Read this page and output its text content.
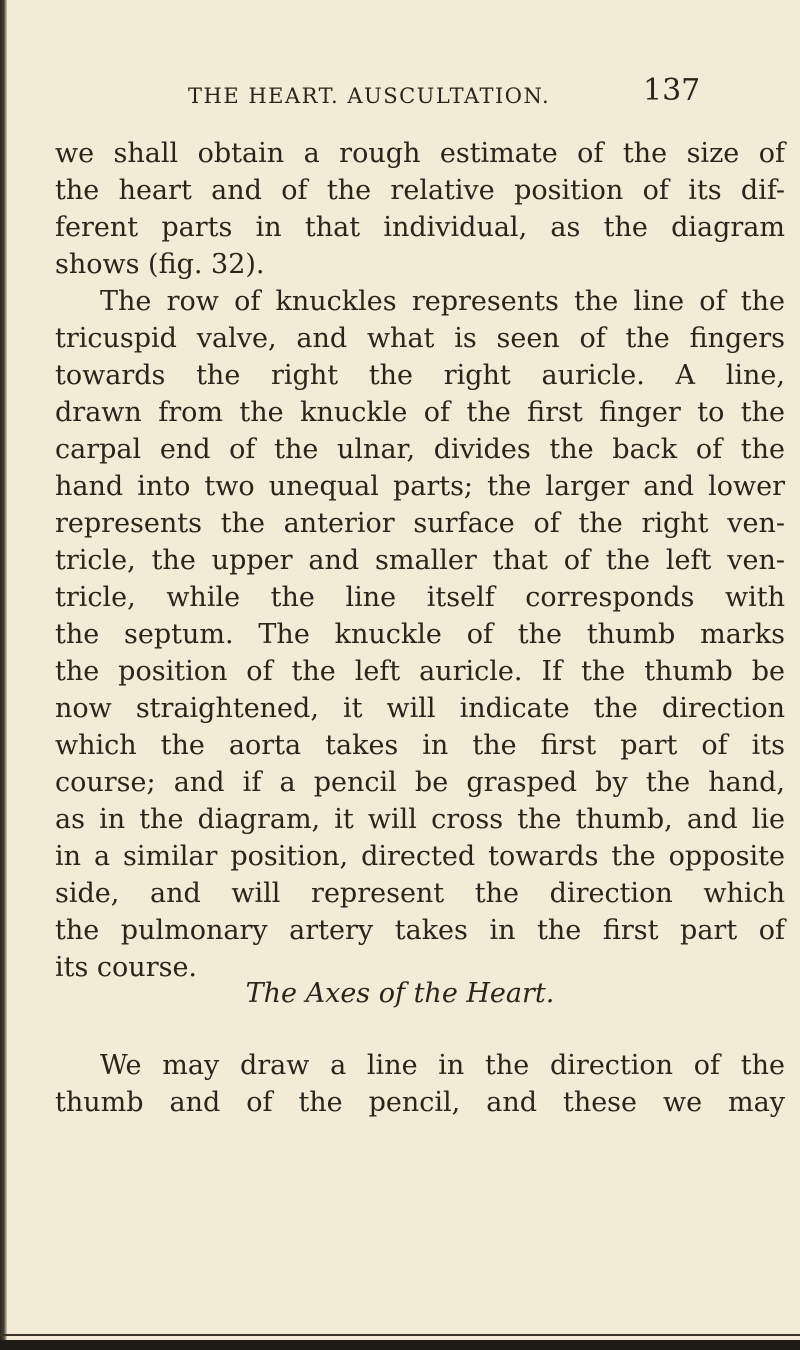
THE HEART. AUSCULTATION.	137
we shall obtain a rough estimate of the size of
the heart and of the relative position of its dif-
ferent parts in that individual, as the diagram
shows (fig. 32).
The row of knuckles represents the line of the
tricuspid valve, and what is seen of the fingers
towards the right the right auricle. A line,
drawn from the knuckle of the first finger to the
carpal end of the ulnar, divides the back of the
hand into two unequal parts; the larger and lower
represents the anterior surface of the right ven-
tricle, the upper and smaller that of the left ven-
tricle, while the line itself corresponds with
the septum. The knuckle of the thumb marks
the position of the left auricle. If the thumb be
now straightened, it will indicate the direction
which the aorta takes in the first part of its
course; and if a pencil be grasped by the hand,
as in the diagram, it will cross the thumb, and lie
in a similar position, directed towards the opposite
side, and will represent the direction which
the pulmonary artery takes in the first part of
its course.
The Axes of the Heart.
We may draw a line in the direction of the
thumb and of the pencil, and these we may
